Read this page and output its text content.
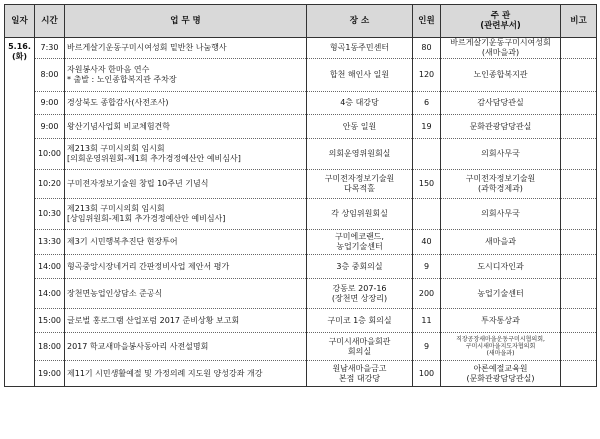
일자	시간	업 무 명	장 소	인원	주 관
(관련부서)	비고

5.16.
(화)	7:30	바르게살기운동구미시여성회 밑반찬 나눔행사	형곡1동주민센터	80	바르게살기운동구미시여성회
(새마을과)	

	8:00	자원봉사자 한마음 연수
* 출발 : 노인종합복지관 주차장	합천 해인사 일원	120	노인종합복지관	

	9:00	경상북도 종합감사(사전조사)	4층 대강당	6	감사담당관실	

	9:00	왕산기념사업회 비교체험견학	안동 일원	19	문화관광담당관실	

	10:00	제213회 구미시의회 임시회
[의회운영위원회-제1회 추가경정예산안 예비심사]	의회운영위원회실		의회사무국	

	10:20	구미전자정보기술원 창립 10주년 기념식	구미전자정보기술원
다목적홀	150	구미전자정보기술원
(과학경제과)	

	10:30	제213회 구미시의회 임시회
[상임위원회-제1회 추가경정예산안 예비심사]	각 상임위원회실		의회사무국	

	13:30	제3기 시민행복추진단 현장투어	구미에코랜드,
농업기술센터	40	새마을과	

	14:00	형곡중앙시장네거리 간판정비사업 제안서 평가	3층 중회의실	9	도시디자인과	

	14:00	장천면농업인상담소 준공식	강동로 207-16
(장천면 상장리)	200	농업기술센터	

	15:00	글로벌 홍로그램 산업포럼 2017 준비상황 보고회	구미코 1층 회의실	11	투자통상과	

	18:00	2017 학교새마을봉사동아리 사전설명회	구미시새마을회관
회의실	9	직장공장새마을운동구미시협의회,
구미시새마을지도자협의회
(새마을과)	

	19:00	제11기 시민생활예절 및 가정의례 지도원 양성강좌 개강	원남새마을금고
본점 대강당	100	아론예절교육원
(문화관광담당관실)	
